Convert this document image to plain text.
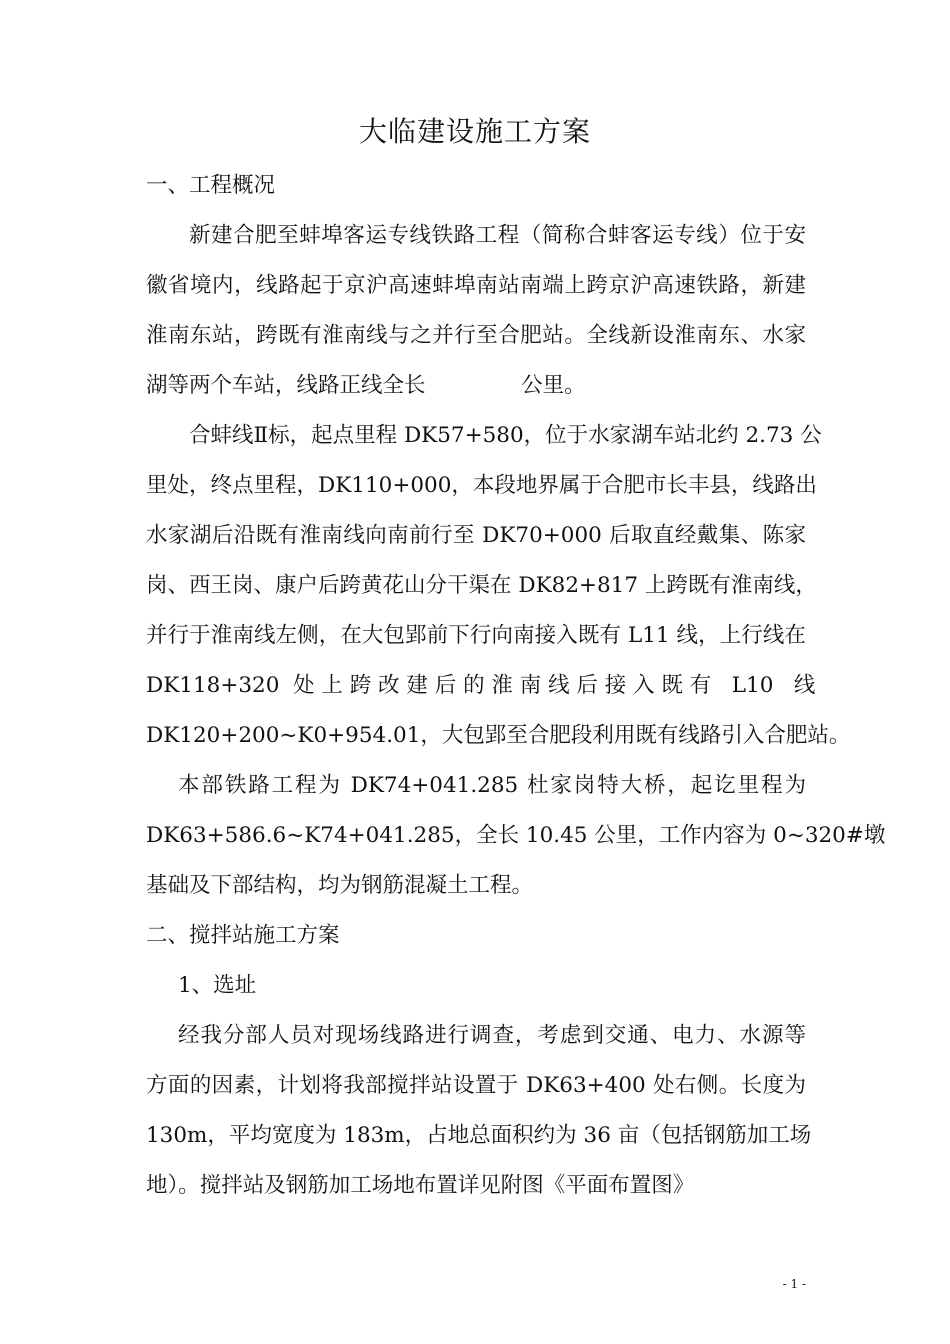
大临建设施工方案
一、工程概况
新建合肥至蚌埠客运专线铁路工程（简称合蚌客运专线）位于安
徽省境内，线路起于京沪高速蚌埠南站南端上跨京沪高速铁路，新建
淮南东站，跨既有淮南线与之并行至合肥站。全线新设淮南东、水家
湖等两个车站，线路正线全长              公里。
合蚌线Ⅱ标，起点里程 DK57+580，位于水家湖车站北约 2.73 公
里处，终点里程，DK110+000，本段地界属于合肥市长丰县，线路出
水家湖后沿既有淮南线向南前行至 DK70+000 后取直经戴集、陈家
岗、西王岗、康户后跨黄花山分干渠在 DK82+817 上跨既有淮南线，
并行于淮南线左侧，在大包郢前下行向南接入既有 L11 线，上行线在
DK118+320  处 上 跨 改 建 后 的 淮 南 线 后 接 入 既 有   L10   线
DK120+200~K0+954.01，大包郢至合肥段利用既有线路引入合肥站。
本部铁路工程为 DK74+041.285 杜家岗特大桥，起讫里程为
DK63+586.6~K74+041.285，全长 10.45 公里，工作内容为 0~320#墩
基础及下部结构，均为钢筋混凝土工程。
二、搅拌站施工方案
1、选址
经我分部人员对现场线路进行调查，考虑到交通、电力、水源等
方面的因素，计划将我部搅拌站设置于 DK63+400 处右侧。长度为
130m，平均宽度为 183m，占地总面积约为 36 亩（包括钢筋加工场
地）。搅拌站及钢筋加工场地布置详见附图《平面布置图》
- 1 -
